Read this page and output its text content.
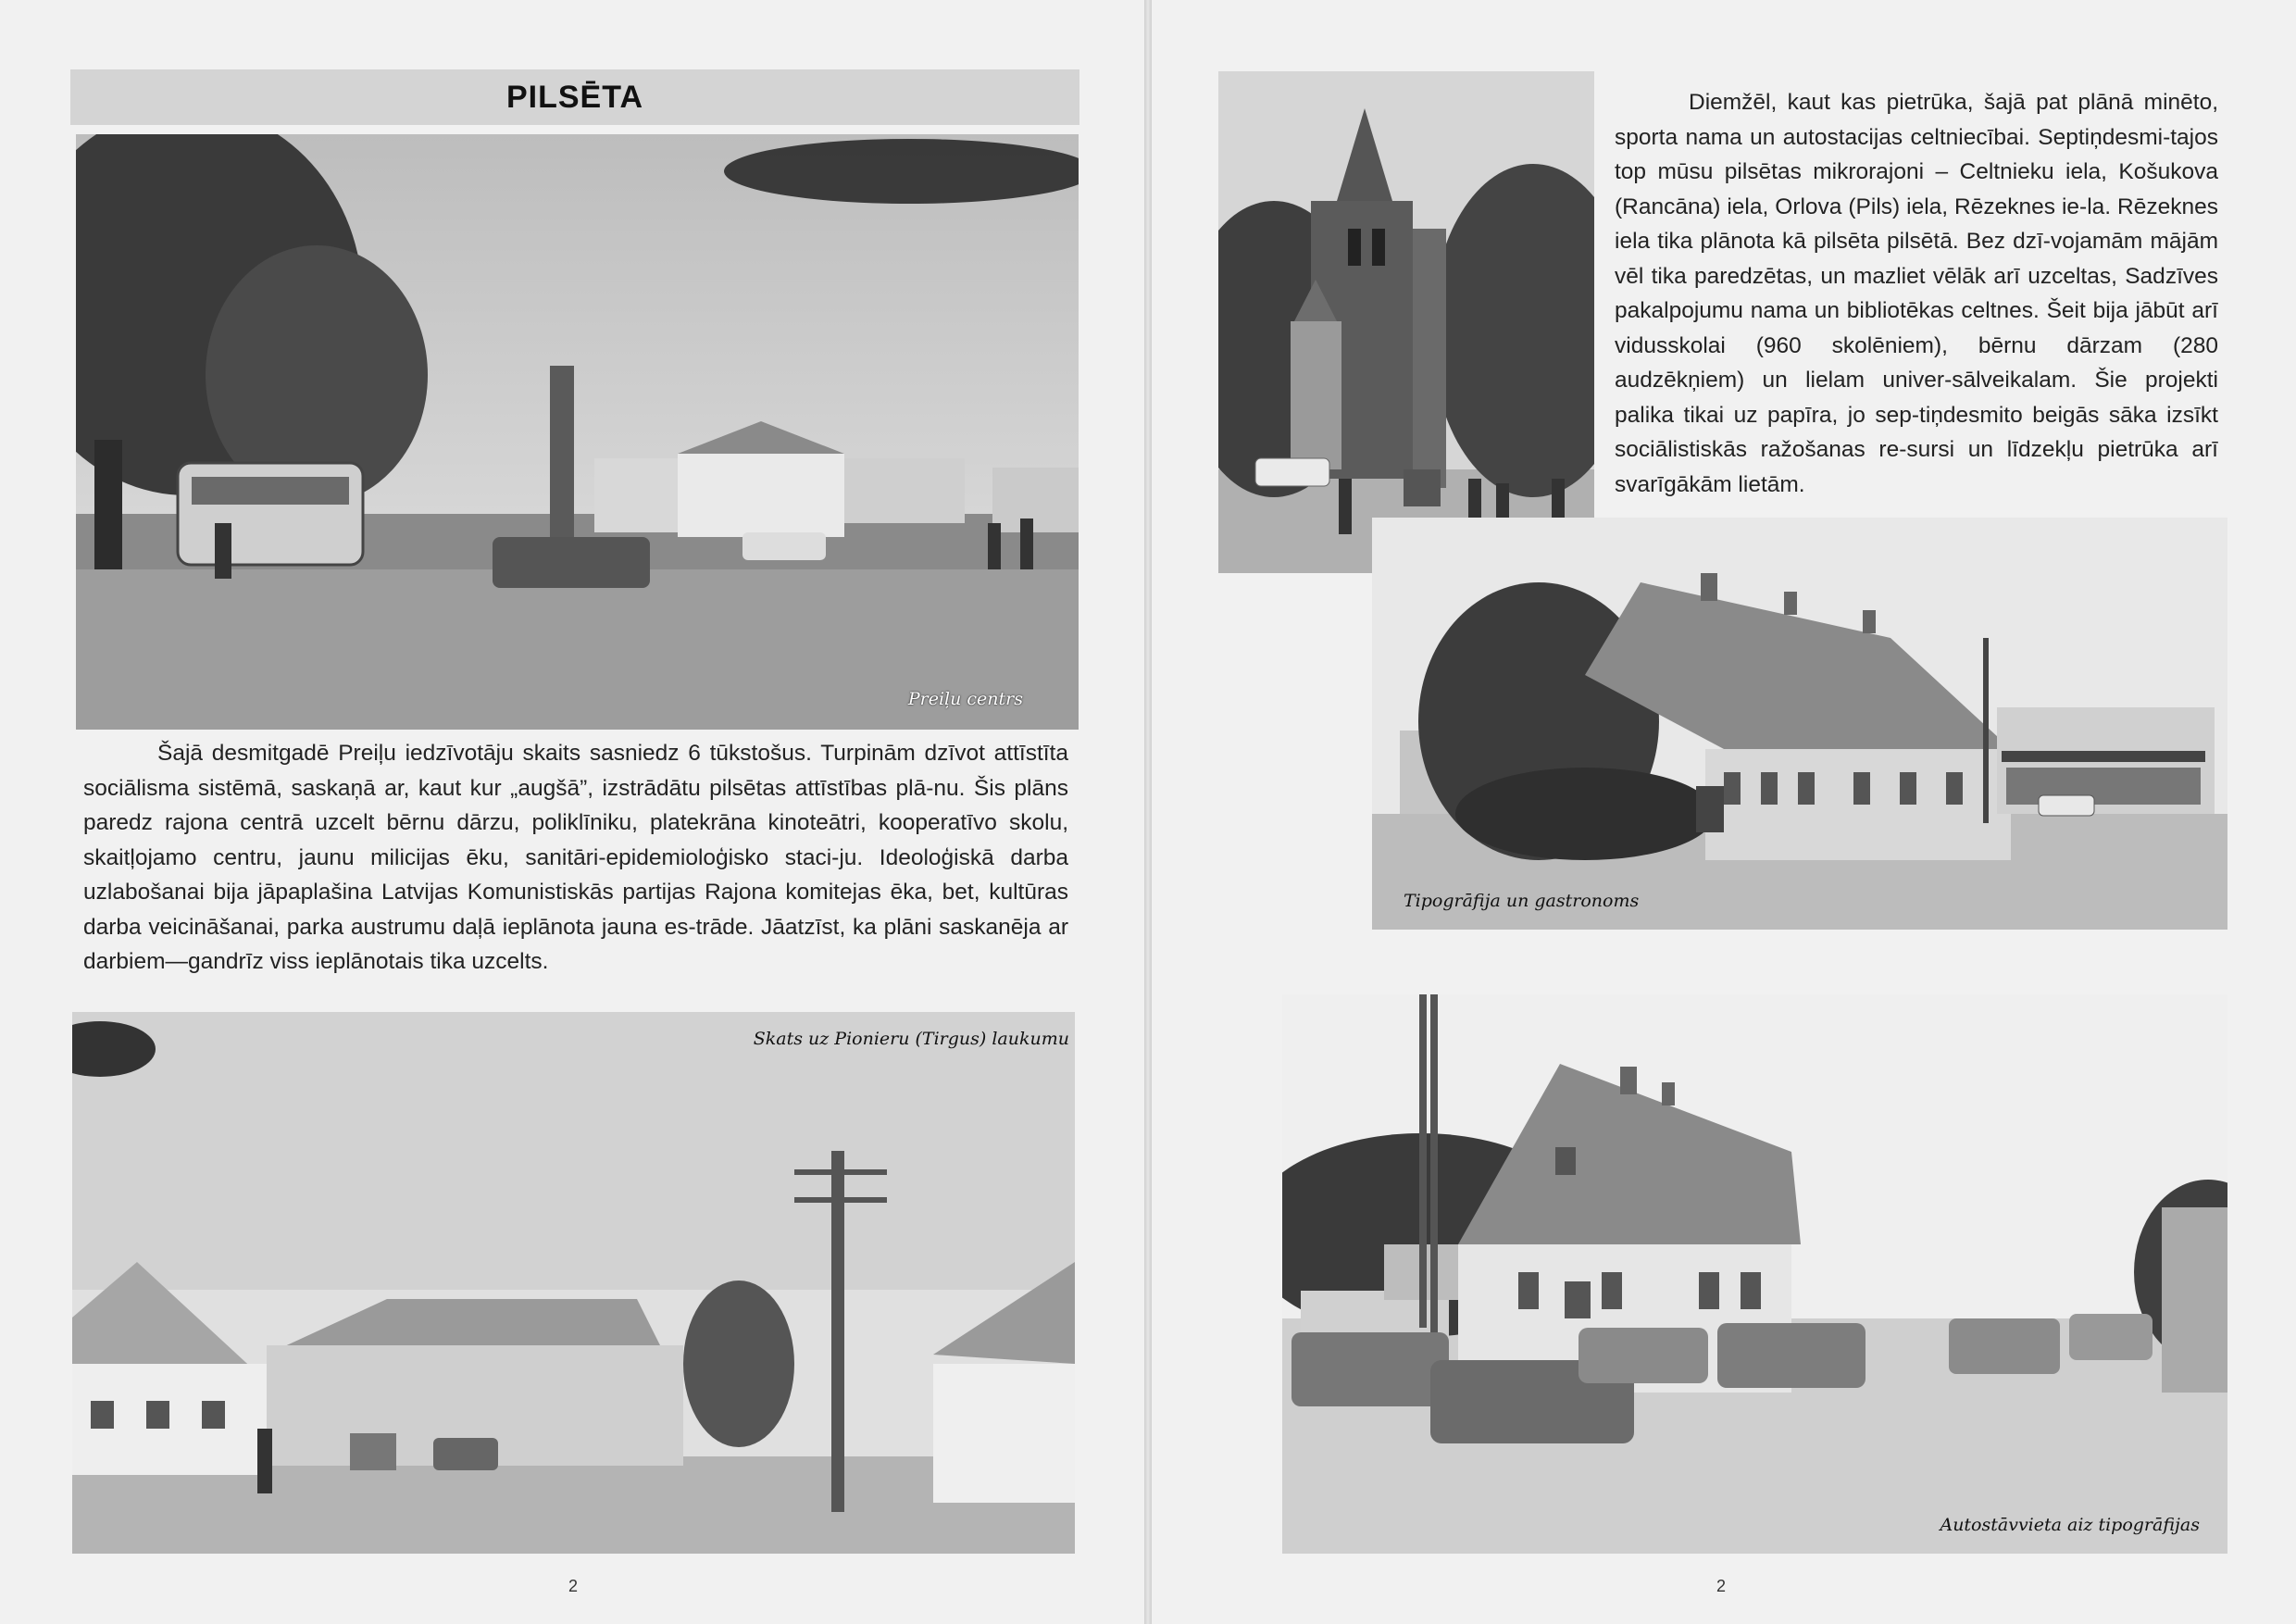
PILSĒTA
Preiļu centrs

Šajā desmitgadē Preiļu iedzīvotāju skaits sasniedz 6 tūkstošus. Turpinām dzīvot attīstīta sociālisma sistēmā, saskaņā ar, kaut kur „augšā”, izstrādātu pilsētas attīstības plā-nu. Šis plāns paredz rajona centrā uzcelt bērnu dārzu, poliklīniku, platekrāna kinoteātri, kooperatīvo skolu, skaitļojamo centru, jaunu milicijas ēku, sanitāri-epidemioloģisko staci-ju. Ideoloģiskā darba uzlabošanai bija jāpaplašina Latvijas Komunistiskās partijas Rajona komitejas ēka, bet, kultūras darba veicināšanai, parka austrumu daļā ieplānota jauna es-trāde. Jāatzīst, ka plāni saskanēja ar darbiem—gandrīz viss ieplānotais tika uzcelts.

Skats uz Pionieru (Tirgus) laukumu
2

Diemžēl, kaut kas pietrūka, šajā pat plānā minēto, sporta nama un autostacijas celtniecībai. Septiņdesmi-tajos top mūsu pilsētas mikrorajoni – Celtnieku iela, Košukova (Rancāna) iela, Orlova (Pils) iela, Rēzeknes ie-la. Rēzeknes iela tika plānota kā pilsēta pilsētā. Bez dzī-vojamām mājām vēl tika paredzētas, un mazliet vēlāk arī uzceltas, Sadzīves pakalpojumu nama un bibliotēkas celtnes. Šeit bija jābūt arī vidusskolai (960 skolēniem), bērnu dārzam (280 audzēkņiem) un lielam univer-sālveikalam. Šie projekti palika tikai uz papīra, jo sep-tiņdesmito beigās sāka izsīkt sociālistiskās ražošanas re-sursi un līdzekļu pietrūka arī svarīgākām lietām.

Tipogrāfija un gastronoms
Autostāvvieta aiz tipogrāfijas
2
